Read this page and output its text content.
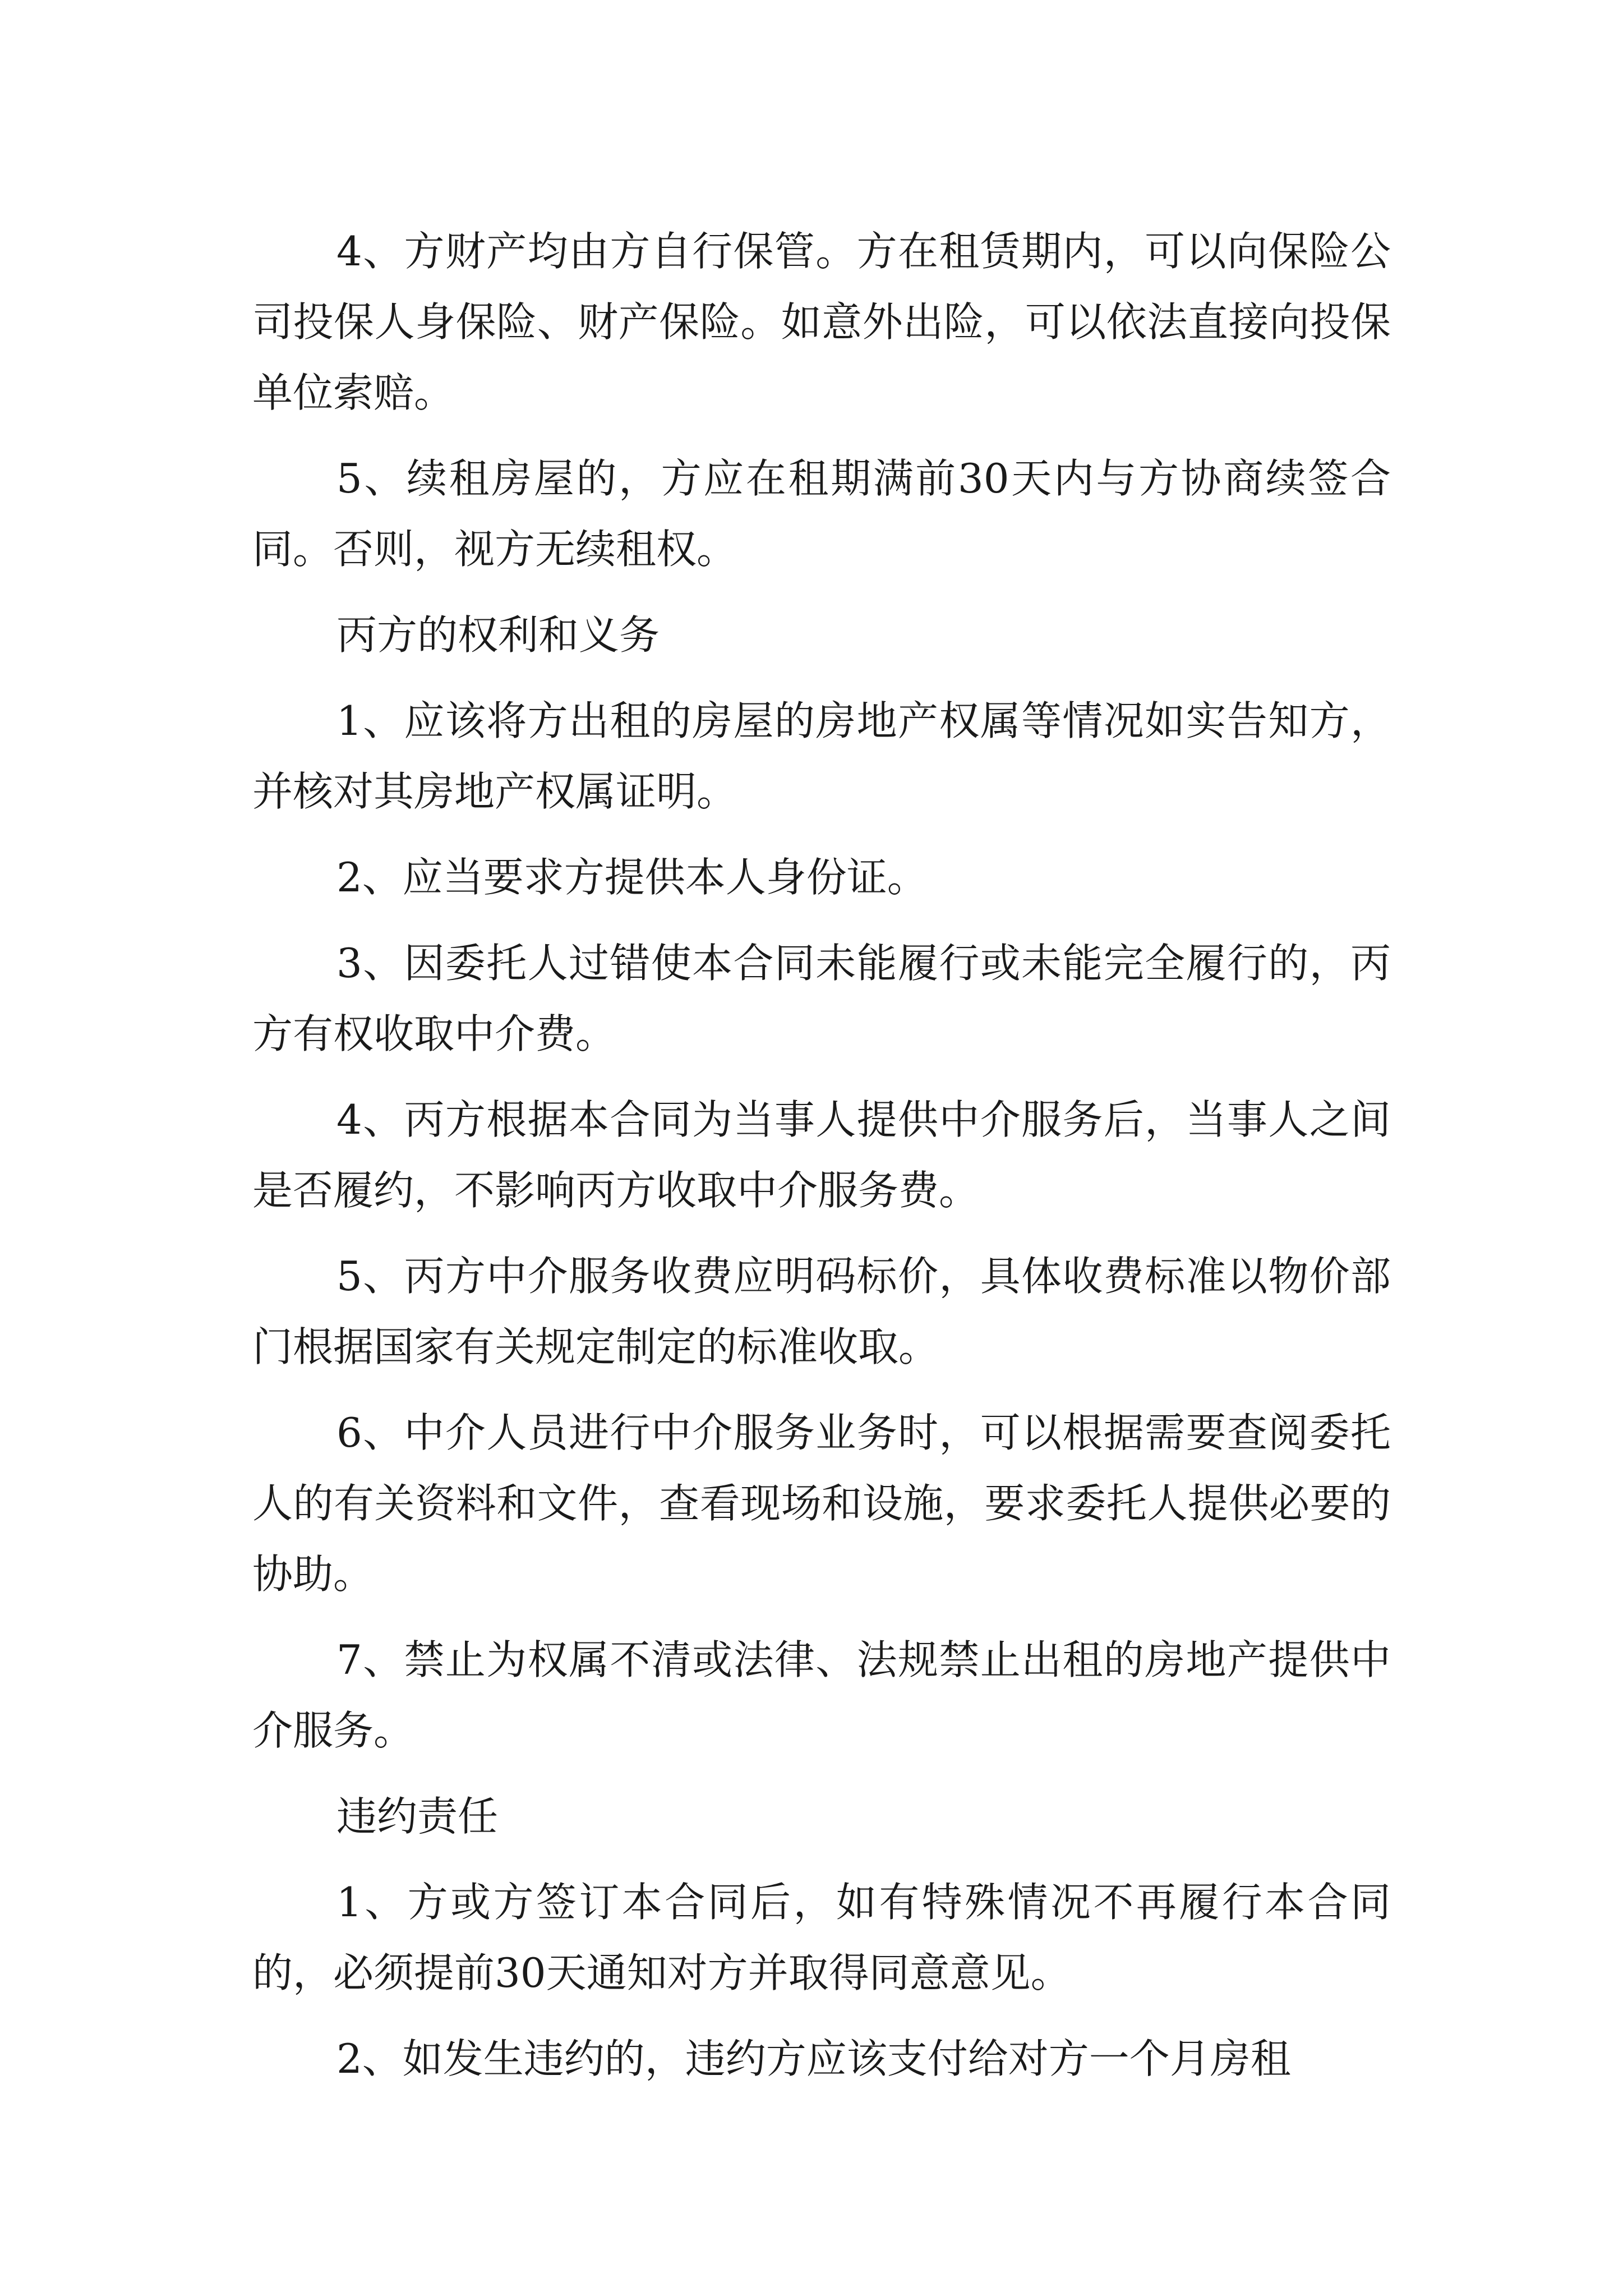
4、方财产均由方自行保管。方在租赁期内，可以向保险公司投保人身保险、财产保险。如意外出险，可以依法直接向投保单位索赔。

5、续租房屋的，方应在租期满前30天内与方协商续签合同。否则，视方无续租权。

丙方的权利和义务

1、应该将方出租的房屋的房地产权属等情况如实告知方，并核对其房地产权属证明。

2、应当要求方提供本人身份证。

3、因委托人过错使本合同未能履行或未能完全履行的，丙方有权收取中介费。

4、丙方根据本合同为当事人提供中介服务后，当事人之间是否履约，不影响丙方收取中介服务费。

5、丙方中介服务收费应明码标价，具体收费标准以物价部门根据国家有关规定制定的标准收取。

6、中介人员进行中介服务业务时，可以根据需要查阅委托人的有关资料和文件，查看现场和设施，要求委托人提供必要的协助。

7、禁止为权属不清或法律、法规禁止出租的房地产提供中介服务。

违约责任

1、方或方签订本合同后，如有特殊情况不再履行本合同的，必须提前30天通知对方并取得同意意见。

2、如发生违约的，违约方应该支付给对方一个月房租
